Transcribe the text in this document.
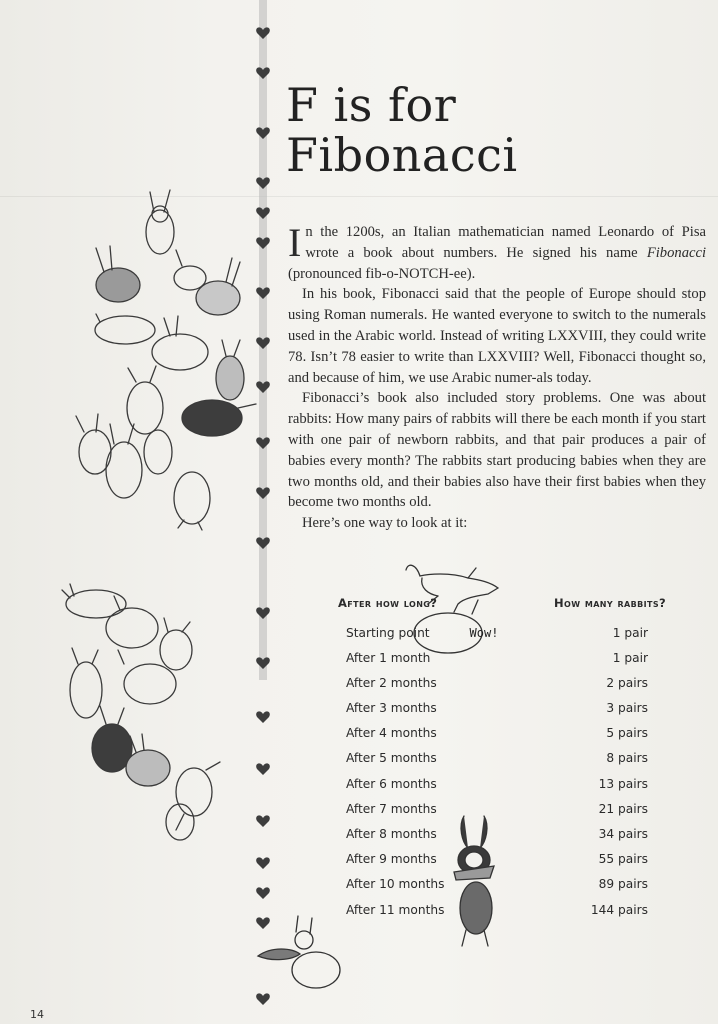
F is for
Fibonacci

In the 1200s, an Italian mathematician named Leonardo of Pisa wrote a book about numbers. He signed his name Fibonacci (pronounced fib-o-NOTCH-ee).

In his book, Fibonacci said that the people of Europe should stop using Roman numerals. He wanted everyone to switch to the numerals used in the Arabic world. Instead of writing LXXVIII, they could write 78. Isn’t 78 easier to write than LXXVIII? Well, Fibonacci thought so, and because of him, we use Arabic numer-als today.

Fibonacci’s book also included story problems. One was about rabbits: How many pairs of rabbits will there be each month if you start with one pair of newborn rabbits, and that pair produces a pair of babies every month? The rabbits start producing babies when they are two months old, and their babies also have their first babies when they become two months old.

Here’s one way to look at it:

Wow!
After how long?	How many rabbits?
Starting point	1 pair
After 1 month	1 pair
After 2 months	2 pairs
After 3 months	3 pairs
After 4 months	5 pairs
After 5 months	8 pairs
After 6 months	13 pairs
After 7 months	21 pairs
After 8 months	34 pairs
After 9 months	55 pairs
After 10 months	89 pairs
After 11 months	144 pairs
14
